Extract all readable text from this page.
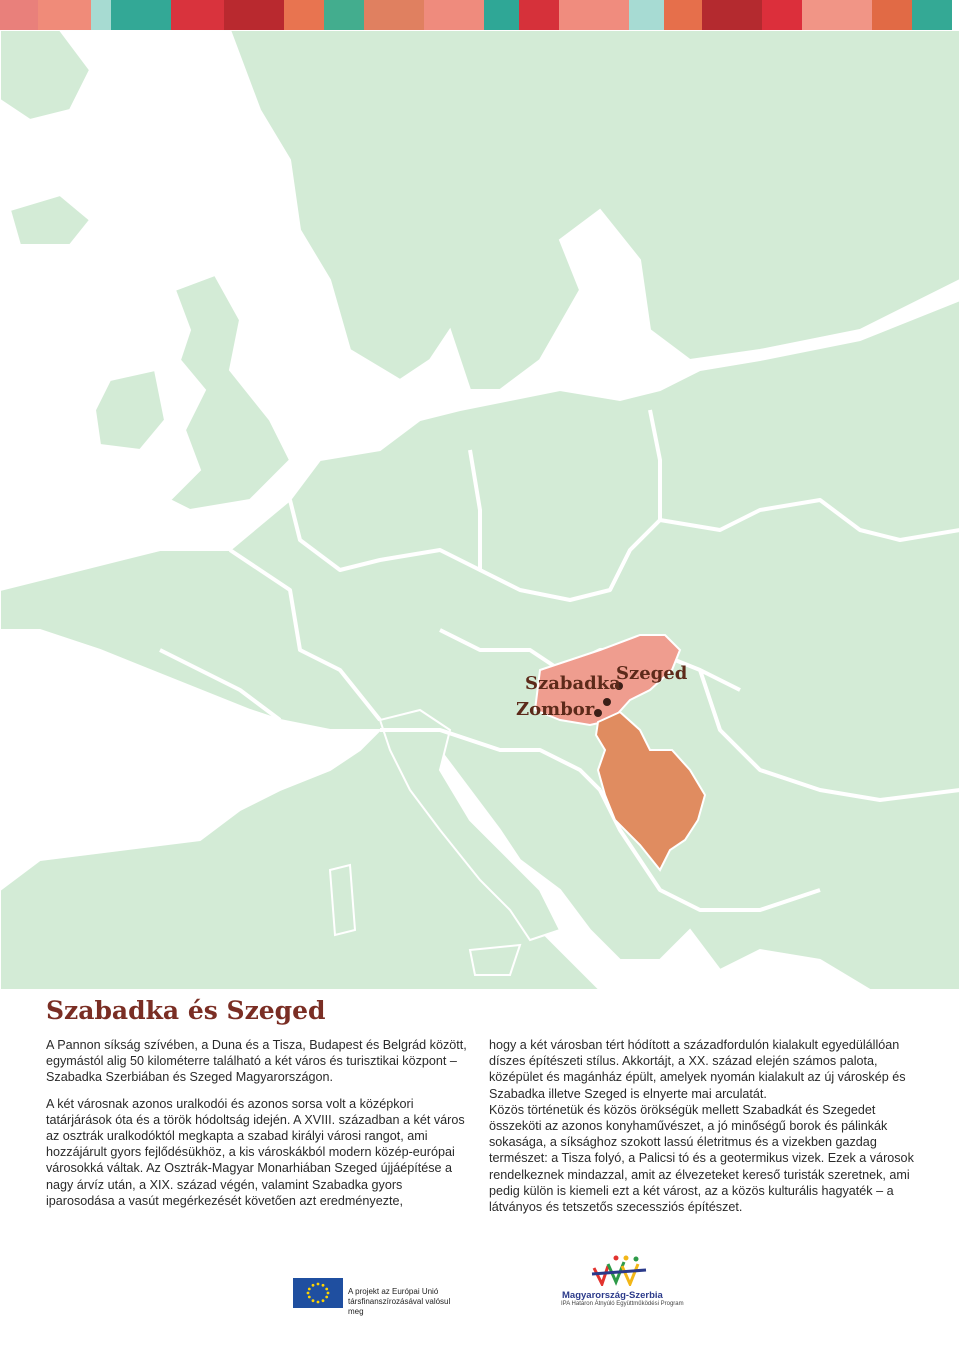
Szabadka
Szeged
Zombor
Szabadka és Szeged

A Pannon síkság szívében, a Duna és a Tisza, Budapest és Belgrád között, egymástól alig 50 kilométerre található a két város és turisztikai központ – Szabadka Szerbiában és Szeged Magyarországon.

A két városnak azonos uralkodói és azonos sorsa volt a középkori tatárjárások óta és a török hódoltság idején. A XVIII. században a két város az osztrák uralkodóktól megkapta a szabad királyi városi rangot, ami hozzájárult gyors fejlődésükhöz, a kis városkákból modern közép-európai városokká váltak. Az Osztrák-Magyar Monarhiában Szeged újjáépítése a nagy árvíz után, a XIX. század végén, valamint Szabadka gyors iparosodása a vasút megérkezését követően azt eredményezte,

hogy a két városban tért hódított a századfordulón kialakult egyedülállóan díszes építészeti stílus. Akkortájt, a XX. század elején számos palota, középület és magánház épült, amelyek nyomán kialakult az új városkép és Szabadka illetve Szeged is elnyerte mai arculatát.

Közös történetük és közös örökségük mellett Szabadkát és Szegedet összeköti az azonos konyhaművészet, a jó minőségű borok és pálinkák sokasága, a síksághoz szokott lassú életritmus és a vizekben gazdag természet: a Tisza folyó, a Palicsi tó és a geotermikus vizek. Ezek a városok rendelkeznek mindazzal, amit az élvezeteket kereső turisták szeretnek, ami pedig külön is kiemeli ezt a két várost, az a közös kulturális hagyaték – a látványos és tetszetős szecessziós építészet.

A projekt az Európai Unió
társfinanszírozásával valósul meg
Magyarország-Szerbia
IPA Határon Átnyúló Együttműködési Program
